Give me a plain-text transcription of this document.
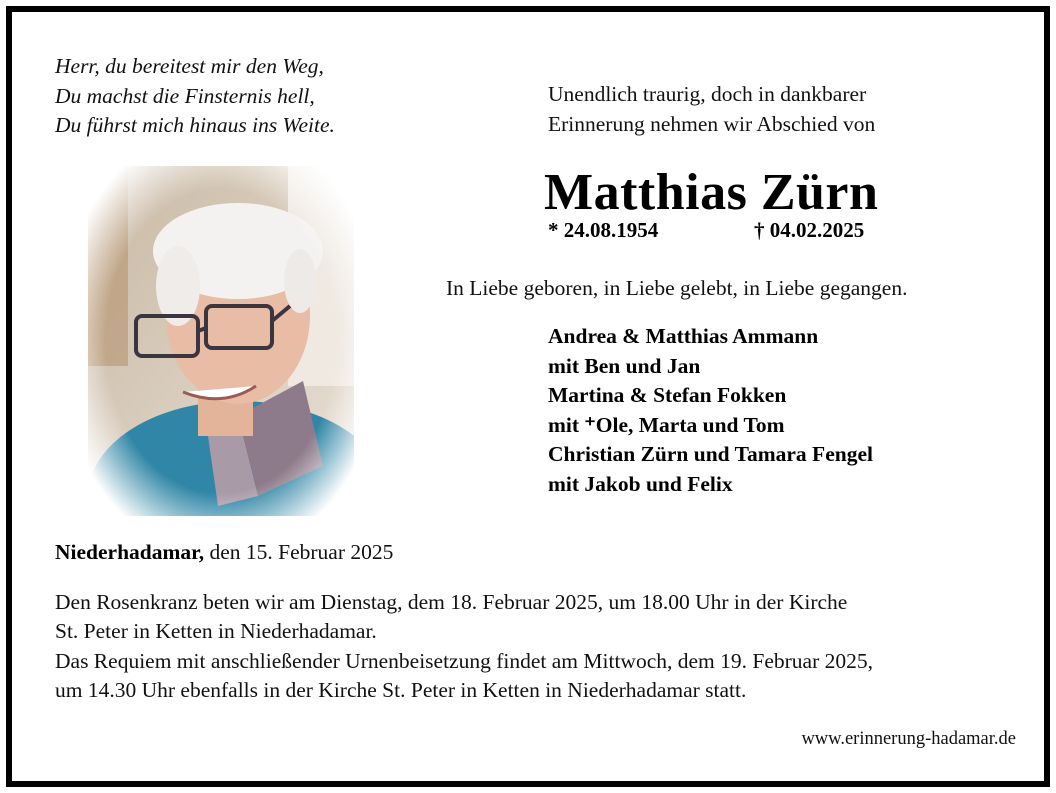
Herr, du bereitest mir den Weg,
Du machst die Finsternis hell,
Du führst mich hinaus ins Weite.
Unendlich traurig, doch in dankbarer
Erinnerung nehmen wir Abschied von
Matthias Zürn
* 24.08.1954	† 04.02.2025
In Liebe geboren, in Liebe gelebt, in Liebe gegangen.
Andrea & Matthias Ammann
mit Ben und Jan
Martina & Stefan Fokken
mit ⁺Ole, Marta und Tom
Christian Zürn und Tamara Fengel
mit Jakob und Felix
Niederhadamar, den 15. Februar 2025
Den Rosenkranz beten wir am Dienstag, dem 18. Februar 2025, um 18.00 Uhr in der Kirche
St. Peter in Ketten in Niederhadamar.
Das Requiem mit anschließender Urnenbeisetzung findet am Mittwoch, dem 19. Februar 2025,
um 14.30 Uhr ebenfalls in der Kirche St. Peter in Ketten in Niederhadamar statt.
www.erinnerung-hadamar.de
